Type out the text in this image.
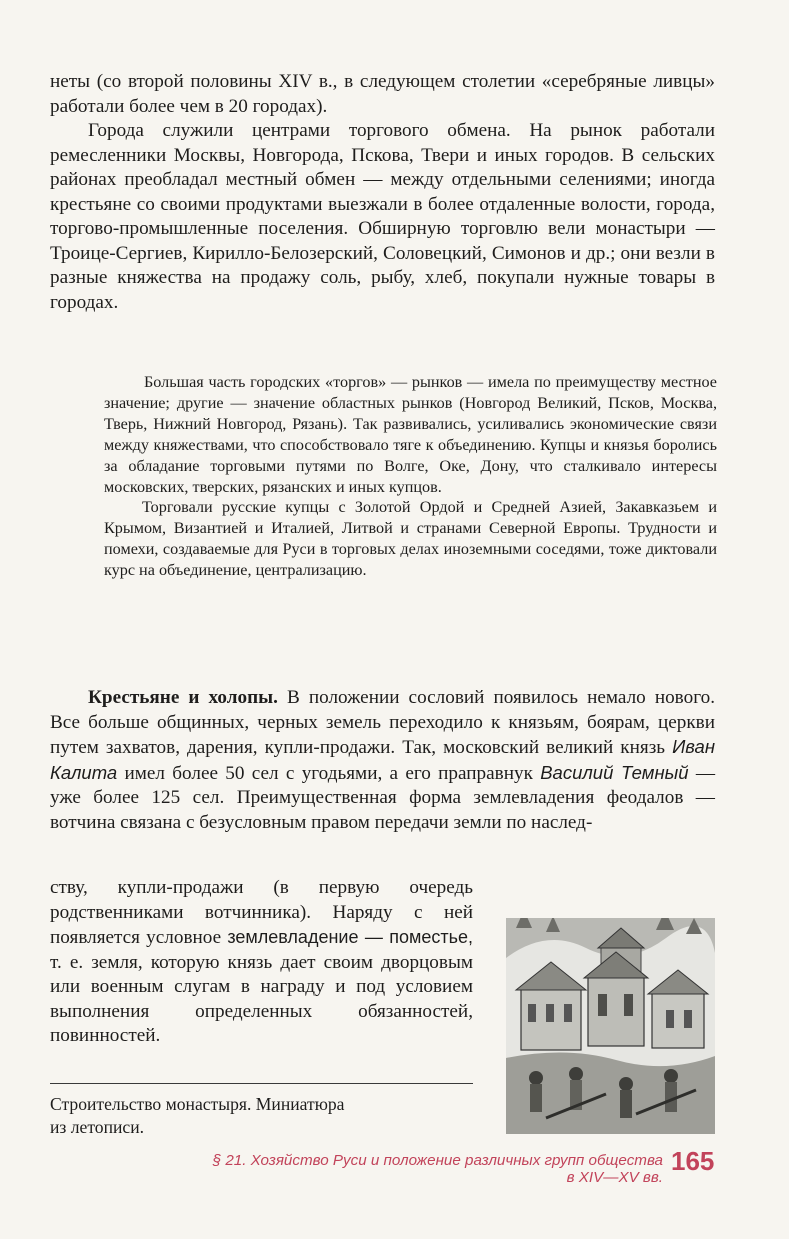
неты (со второй половины XIV в., в следующем столетии «серебряные ливцы» работали более чем в 20 городах).

Города служили центрами торгового обмена. На рынок работали ремесленники Москвы, Новгорода, Пскова, Твери и иных городов. В сельских районах преобладал местный обмен — между отдельными селениями; иногда крестьяне со своими продуктами выезжали в более отдаленные волости, города, торгово-промышленные поселения. Обширную торговлю вели монастыри — Троице-Сергиев, Кирилло-Белозерский, Соловецкий, Симонов и др.; они везли в разные княжества на продажу соль, рыбу, хлеб, покупали нужные товары в городах.

Большая часть городских «торгов» — рынков — имела по преимуществу местное значение; другие — значение областных рынков (Новгород Великий, Псков, Москва, Тверь, Нижний Новгород, Рязань). Так развивались, усиливались экономические связи между княжествами, что способствовало тяге к объединению. Купцы и князья боролись за обладание торговыми путями по Волге, Оке, Дону, что сталкивало интересы московских, тверских, рязанских и иных купцов.

Торговали русские купцы с Золотой Ордой и Средней Азией, Закавказьем и Крымом, Византией и Италией, Литвой и странами Северной Европы. Трудности и помехи, создаваемые для Руси в торговых делах иноземными соседями, тоже диктовали курс на объединение, централизацию.

Крестьяне и холопы. В положении сословий появилось немало нового. Все больше общинных, черных земель переходило к князьям, боярам, церкви путем захватов, дарения, купли-продажи. Так, московский великий князь Иван Калита имел более 50 сел с угодьями, а его праправнук Василий Темный — уже более 125 сел. Преимущественная форма землевладения феодалов — вотчина связана с безусловным правом передачи земли по наслед-

ству, купли-продажи (в первую очередь родственниками вотчинника). Наряду с ней появляется условное землевладение — поместье, т. е. земля, которую князь дает своим дворцовым или военным слугам в награду и под условием выполнения определенных обязанностей, повинностей.

Строительство монастыря. Миниатюра
из летописи.
§ 21. Хозяйство Руси и положение различных групп общества
в XIV—XV вв.
165
